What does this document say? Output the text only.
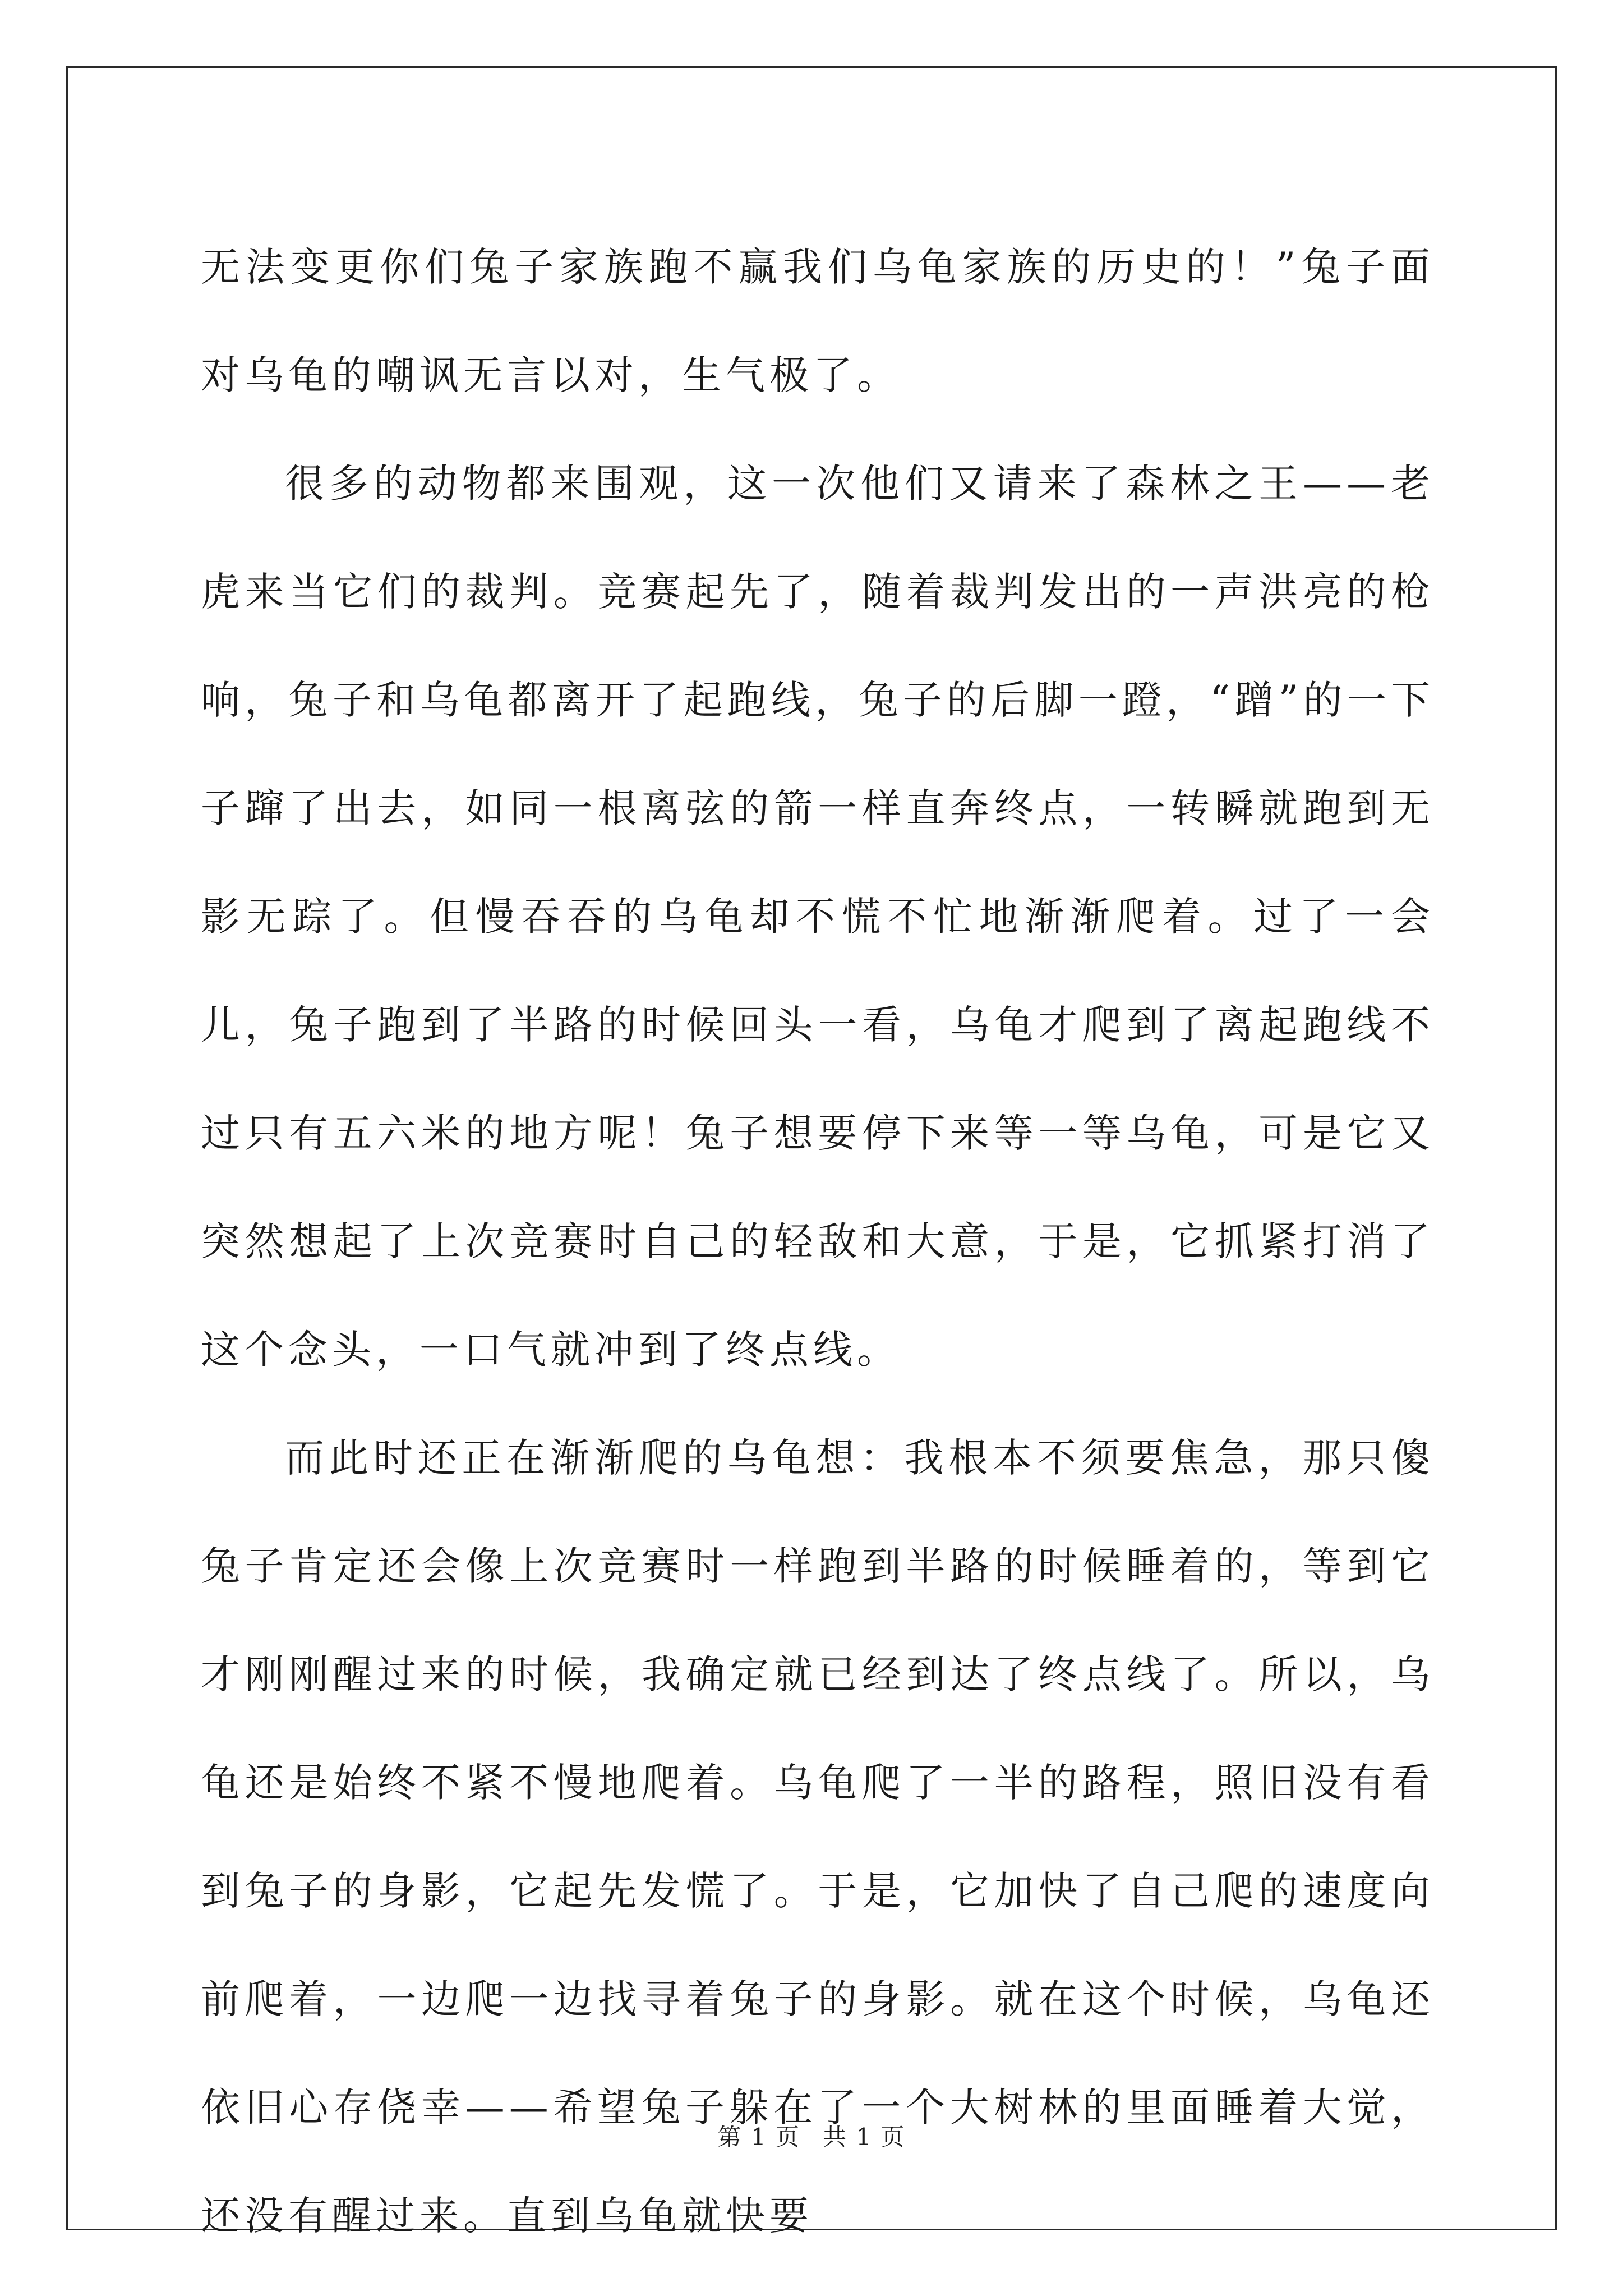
无法变更你们兔子家族跑不赢我们乌龟家族的历史的！”兔子面对乌龟的嘲讽无言以对，生气极了。

很多的动物都来围观，这一次他们又请来了森林之王——老虎来当它们的裁判。竞赛起先了，随着裁判发出的一声洪亮的枪响，兔子和乌龟都离开了起跑线，兔子的后脚一蹬，“蹭”的一下子蹿了出去，如同一根离弦的箭一样直奔终点，一转瞬就跑到无影无踪了。但慢吞吞的乌龟却不慌不忙地渐渐爬着。过了一会儿，兔子跑到了半路的时候回头一看，乌龟才爬到了离起跑线不过只有五六米的地方呢！兔子想要停下来等一等乌龟，可是它又突然想起了上次竞赛时自己的轻敌和大意，于是，它抓紧打消了这个念头，一口气就冲到了终点线。

而此时还正在渐渐爬的乌龟想：我根本不须要焦急，那只傻兔子肯定还会像上次竞赛时一样跑到半路的时候睡着的，等到它才刚刚醒过来的时候，我确定就已经到达了终点线了。所以，乌龟还是始终不紧不慢地爬着。乌龟爬了一半的路程，照旧没有看到兔子的身影，它起先发慌了。于是，它加快了自己爬的速度向前爬着，一边爬一边找寻着兔子的身影。就在这个时候，乌龟还依旧心存侥幸——希望兔子躲在了一个大树林的里面睡着大觉，还没有醒过来。直到乌龟就快要

第 1 页 共 1 页
